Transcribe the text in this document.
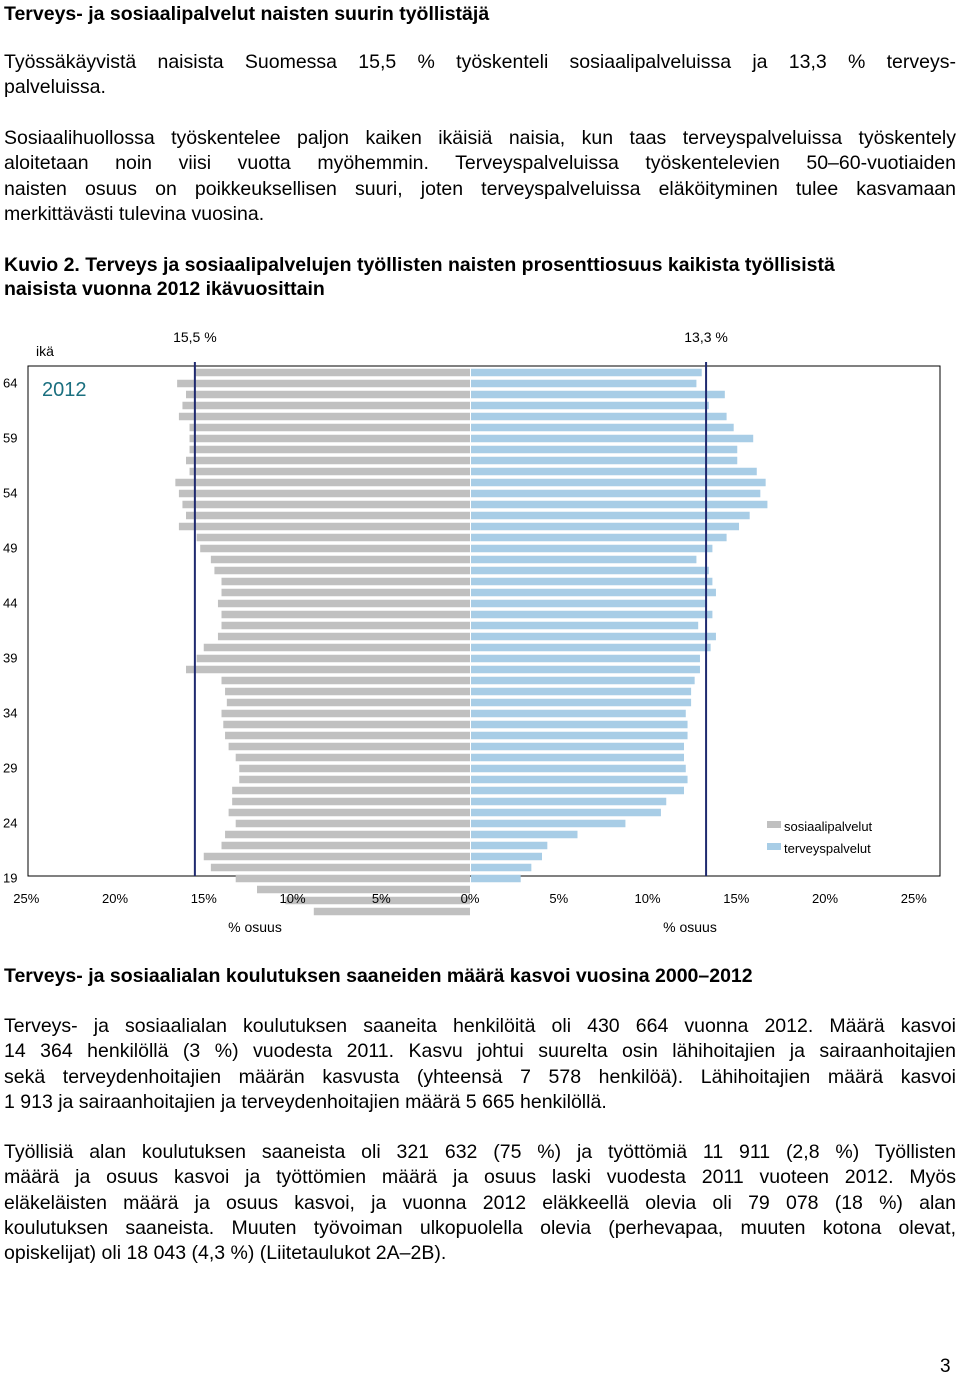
Terveys- ja sosiaalipalvelut naisten suurin työllistäjä

Työssäkäyvistä naisista Suomessa 15,5 % työskenteli sosiaalipalveluissa ja 13,3 % terveys-
palveluissa.

Sosiaalihuollossa työskentelee paljon kaiken ikäisiä naisia, kun taas terveyspalveluissa työskentely
aloitetaan noin viisi vuotta myöhemmin. Terveyspalveluissa työskentelevien 50–60-vuotiaiden
naisten osuus on poikkeuksellisen suuri, joten terveyspalveluissa eläköityminen tulee kasvamaan
merkittävästi tulevina vuosina.

Kuvio 2. Terveys ja sosiaalipalvelujen työllisten naisten prosenttiosuus kaikista työllisistä
naisista vuonna 2012 ikävuosittain

ikä
2012
64
59
54
49
44
39
34
29
24
19
15,5 %	13,3 %
25%	20%	15%	10%	5%	0%	5%	10%	15%	20%	25%
% osuus	% osuus
sosiaalipalvelut
terveyspalvelut
Terveys- ja sosiaalialan koulutuksen saaneiden määrä kasvoi vuosina 2000–2012

Terveys- ja sosiaalialan koulutuksen saaneita henkilöitä oli 430 664 vuonna 2012. Määrä kasvoi
14 364 henkilöllä (3 %) vuodesta 2011. Kasvu johtui suurelta osin lähihoitajien ja sairaanhoitajien
sekä terveydenhoitajien määrän kasvusta (yhteensä 7 578 henkilöä). Lähihoitajien määrä kasvoi
1 913 ja sairaanhoitajien ja terveydenhoitajien määrä 5 665 henkilöllä.

Työllisiä alan koulutuksen saaneista oli 321 632 (75 %) ja työttömiä 11 911 (2,8 %) Työllisten
määrä ja osuus kasvoi ja työttömien määrä ja osuus laski vuodesta 2011 vuoteen 2012. Myös
eläkeläisten määrä ja osuus kasvoi, ja vuonna 2012 eläkkeellä olevia oli 79 078 (18 %) alan
koulutuksen saaneista. Muuten työvoiman ulkopuolella olevia (perhevapaa, muuten kotona olevat,
opiskelijat) oli 18 043 (4,3 %) (Liitetaulukot 2A–2B).

3
